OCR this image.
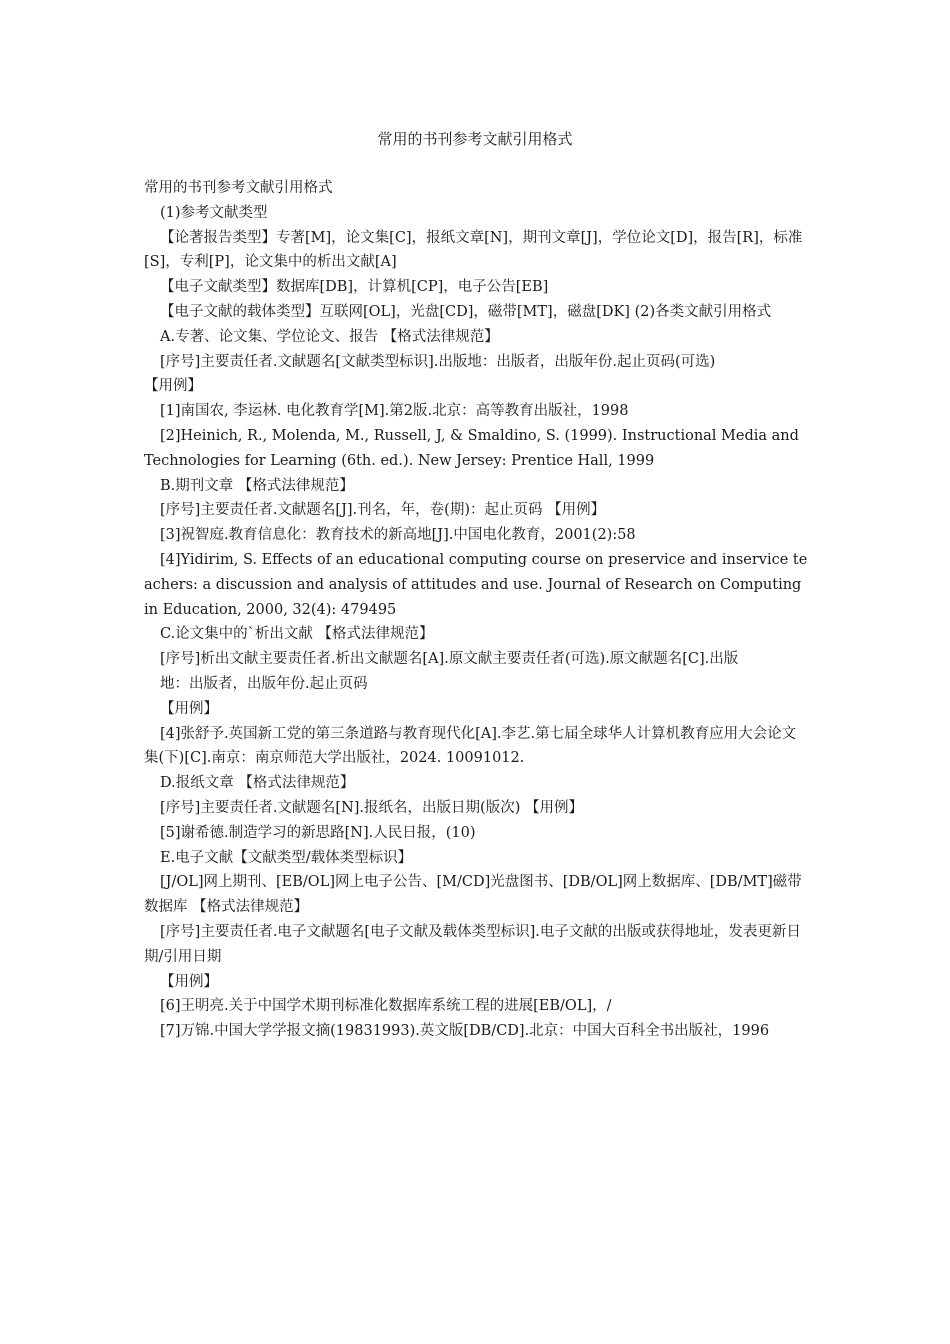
常用的书刊参考文献引用格式

常用的书刊参考文献引用格式

(1)参考文献类型

【论著报告类型】专著[M]，论文集[C]，报纸文章[N]，期刊文章[J]，学位论文[D]，报告[R]，标准[S]，专利[P]，论文集中的析出文献[A]

【电子文献类型】数据库[DB]，计算机[CP]，电子公告[EB]

【电子文献的载体类型】互联网[OL]，光盘[CD]，磁带[MT]，磁盘[DK] (2)各类文献引用格式

A.专著、论文集、学位论文、报告 【格式法律规范】

[序号]主要责任者.文献题名[文献类型标识].出版地：出版者，出版年份.起止页码(可选)

【用例】

[1]南国农, 李运林. 电化教育学[M].第2版.北京：高等教育出版社，1998

[2]Heinich, R., Molenda, M., Russell, J, & Smaldino, S. (1999). Instructional Media and Technologies for Learning (6th. ed.). New Jersey: Prentice Hall, 1999

B.期刊文章 【格式法律规范】

[序号]主要责任者.文献题名[J].刊名，年，卷(期)：起止页码 【用例】

[3]祝智庭.教育信息化：教育技术的新高地[J].中国电化教育，2001(2):58

[4]Yidirim, S. Effects of an educational computing course on preservice and inservice teachers: a discussion and analysis of attitudes and use. Journal of Research on Computing in Education, 2000, 32(4): 479495

C.论文集中的`析出文献 【格式法律规范】

[序号]析出文献主要责任者.析出文献题名[A].原文献主要责任者(可选).原文献题名[C].出版

地：出版者，出版年份.起止页码

【用例】

[4]张舒予.英国新工党的第三条道路与教育现代化[A].李艺.第七届全球华人计算机教育应用大会论文集(下)[C].南京：南京师范大学出版社，2024. 10091012.

D.报纸文章 【格式法律规范】

[序号]主要责任者.文献题名[N].报纸名，出版日期(版次) 【用例】

[5]谢希德.制造学习的新思路[N].人民日报，(10)

E.电子文献【文献类型/载体类型标识】

[J/OL]网上期刊、[EB/OL]网上电子公告、[M/CD]光盘图书、[DB/OL]网上数据库、[DB/MT]磁带数据库 【格式法律规范】

[序号]主要责任者.电子文献题名[电子文献及载体类型标识].电子文献的出版或获得地址，发表更新日期/引用日期

【用例】

[6]王明亮.关于中国学术期刊标准化数据库系统工程的进展[EB/OL]，/

[7]万锦.中国大学学报文摘(19831993).英文版[DB/CD].北京：中国大百科全书出版社，1996
